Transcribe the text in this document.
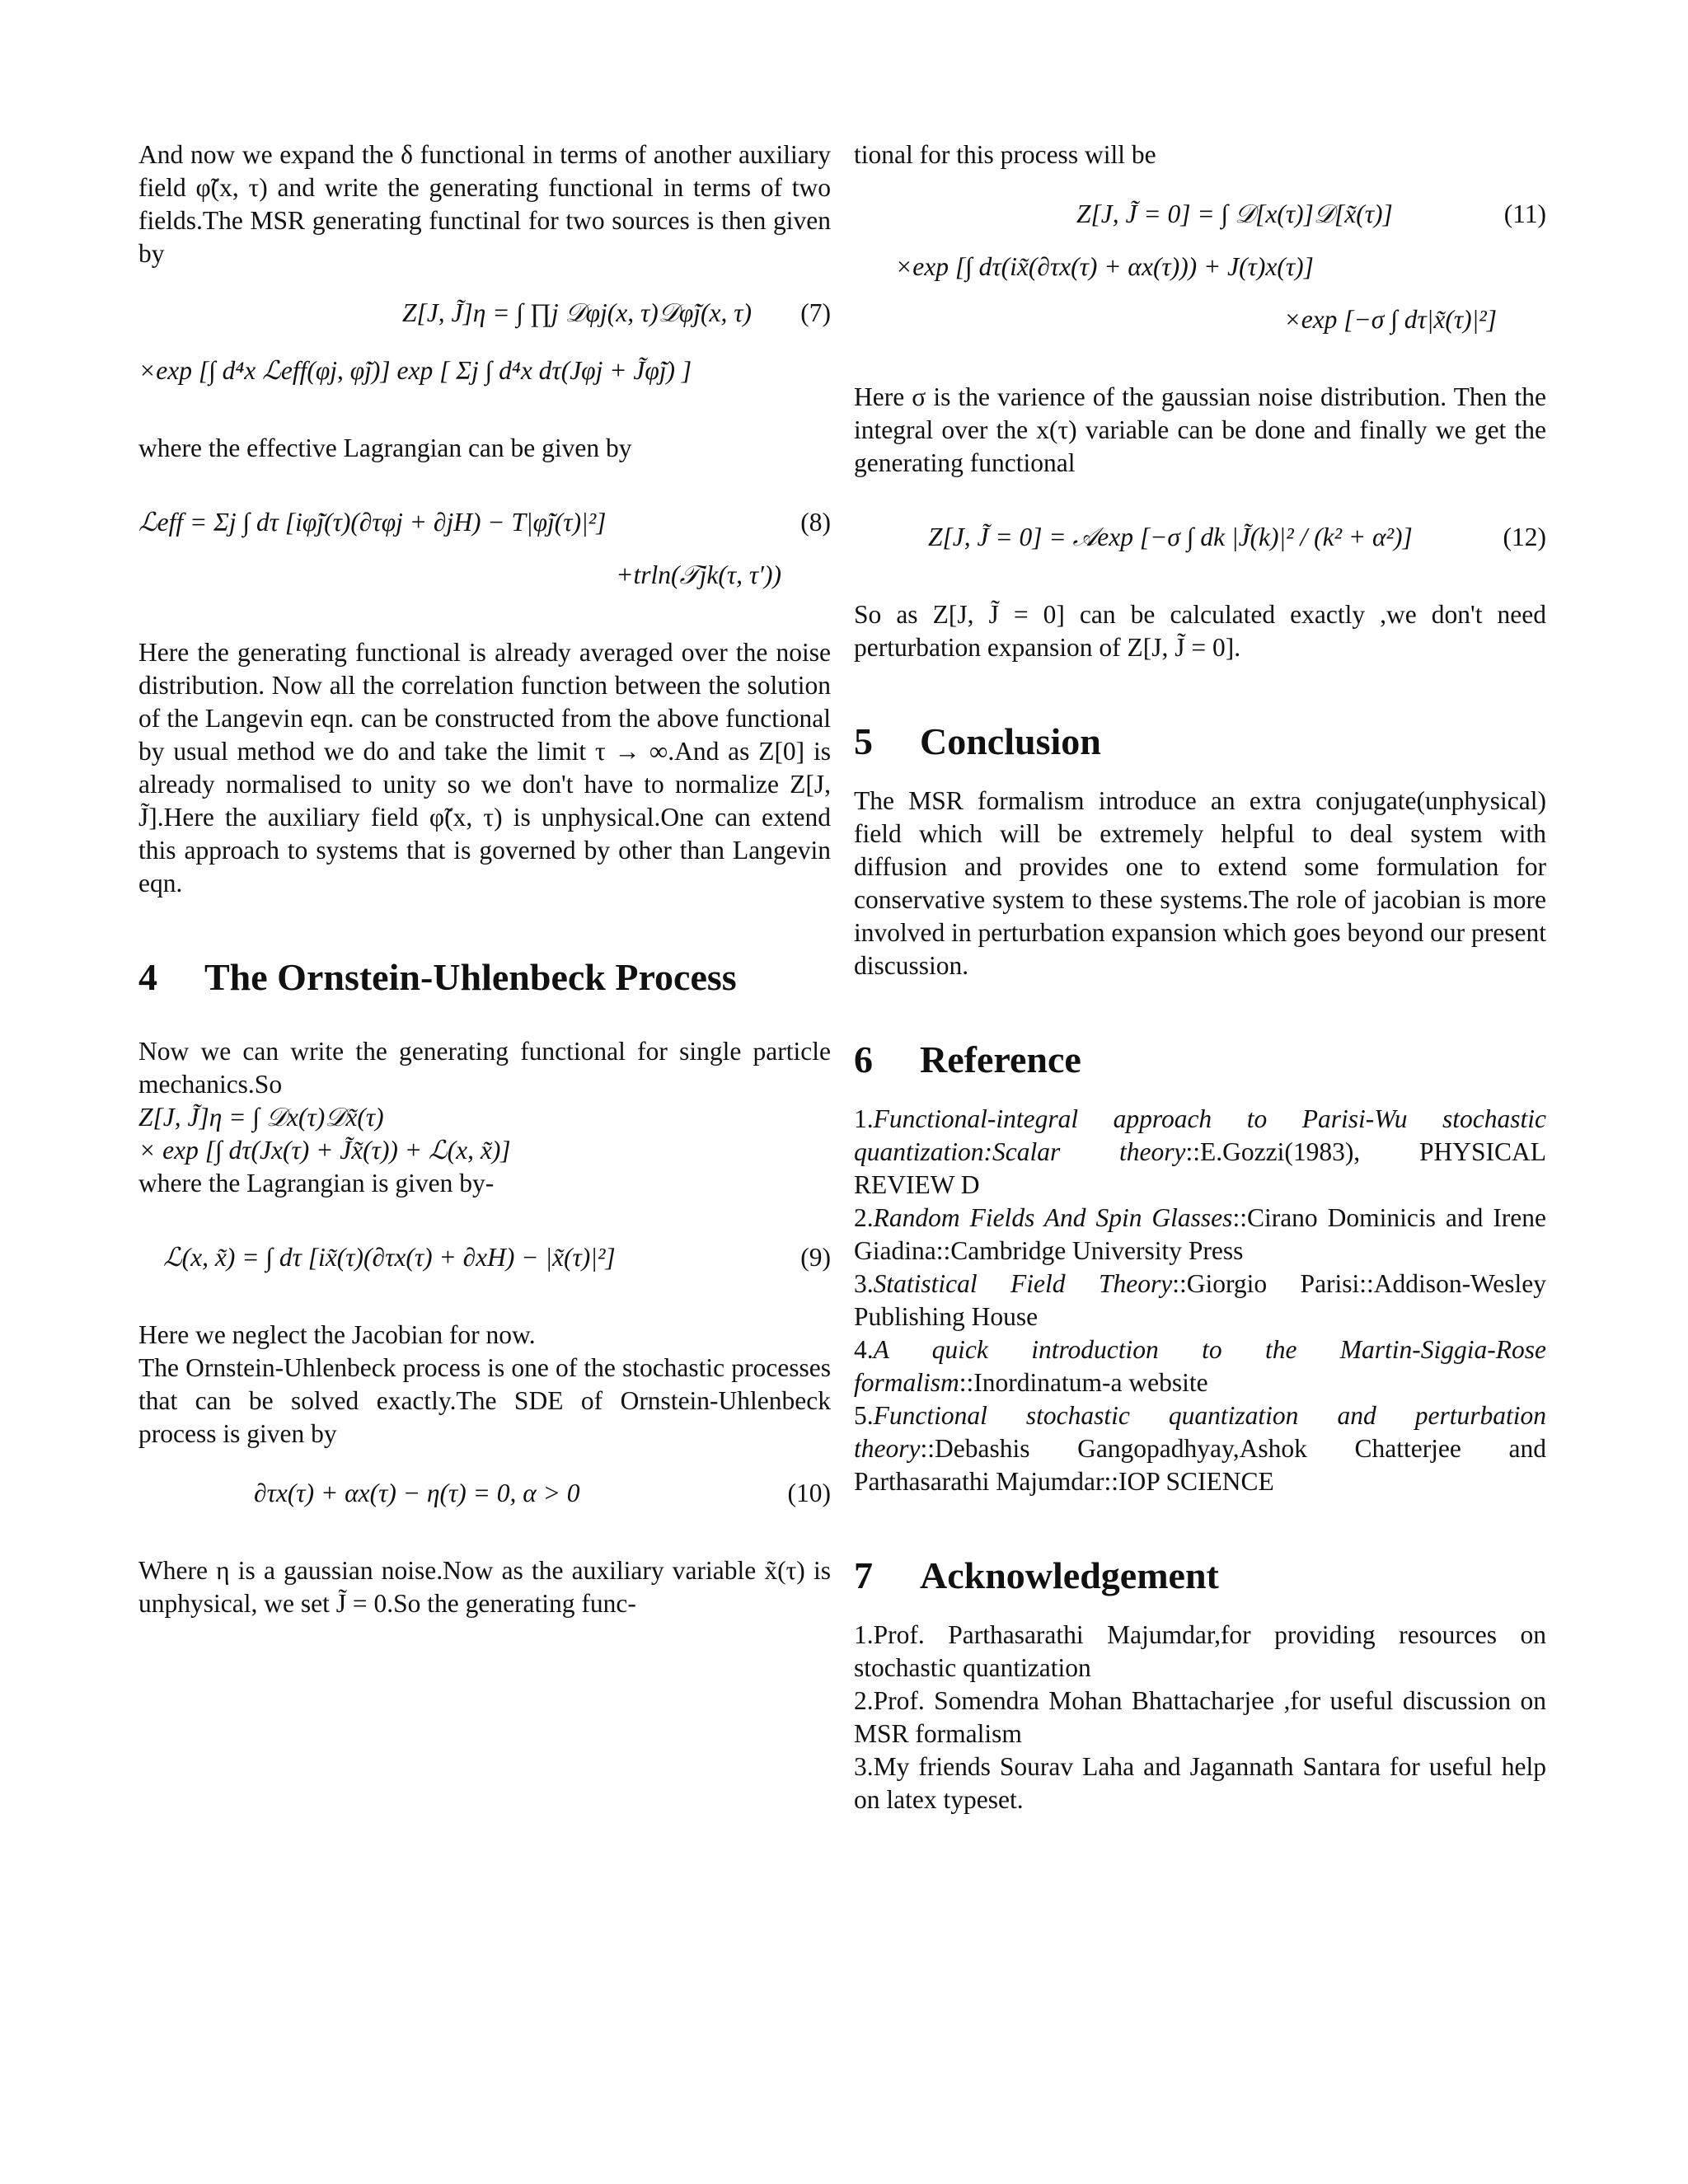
And now we expand the δ functional in terms of another auxiliary field φ̃(x, τ) and write the generating functional in terms of two fields.The MSR generating functinal for two sources is then given by

Z[J, J̃]η = ∫ ∏j 𝒟φj(x, τ)𝒟φ̃j(x, τ)	(7)
×exp [∫ d⁴x ℒeff(φj, φ̃j)] exp [ Σj ∫ d⁴x dτ(Jφj + J̃φ̃j) ]

where the effective Lagrangian can be given by

ℒeff = Σj ∫ dτ [iφ̃j(τ)(∂τφj + ∂jH) − T|φ̃j(τ)|²]	(8)
+trln(𝒯jk(τ, τ′))

Here the generating functional is already averaged over the noise distribution. Now all the correlation function between the solution of the Langevin eqn. can be constructed from the above functional by usual method we do and take the limit τ → ∞.And as Z[0] is already normalised to unity so we don't have to normalize Z[J, J̃].Here the auxiliary field φ̃(x, τ) is unphysical.One can extend this approach to systems that is governed by other than Langevin eqn.

4	The Ornstein-Uhlenbeck Process

Now we can write the generating functional for single particle mechanics.So

Z[J, J̃]η = ∫ 𝒟x(τ)𝒟x̃(τ)

× exp [∫ dτ(Jx(τ) + J̃x̃(τ)) + ℒ(x, x̃)]

where the Lagrangian is given by-

ℒ(x, x̃) = ∫ dτ [ix̃(τ)(∂τx(τ) + ∂xH) − |x̃(τ)|²]	(9)

Here we neglect the Jacobian for now.

The Ornstein-Uhlenbeck process is one of the stochastic processes that can be solved exactly.The SDE of Ornstein-Uhlenbeck process is given by

∂τx(τ) + αx(τ) − η(τ) = 0, α > 0	(10)

Where η is a gaussian noise.Now as the auxiliary variable x̃(τ) is unphysical, we set J̃ = 0.So the generating func-

tional for this process will be

Z[J, J̃ = 0] = ∫ 𝒟[x(τ)]𝒟[x̃(τ)]	(11)
×exp [∫ dτ(ix̃(∂τx(τ) + αx(τ))) + J(τ)x(τ)]
×exp [−σ ∫ dτ|x̃(τ)|²]

Here σ is the varience of the gaussian noise distribution. Then the integral over the x(τ) variable can be done and finally we get the generating functional

Z[J, J̃ = 0] = 𝒜exp [−σ ∫ dk |J̃(k)|² / (k² + α²)]	(12)

So as Z[J, J̃ = 0] can be calculated exactly ,we don't need perturbation expansion of Z[J, J̃ = 0].

5	Conclusion

The MSR formalism introduce an extra conjugate(unphysical) field which will be extremely helpful to deal system with diffusion and provides one to extend some formulation for conservative system to these systems.The role of jacobian is more involved in perturbation expansion which goes beyond our present discussion.

6	Reference

1.Functional-integral approach to Parisi-Wu stochastic quantization:Scalar theory::E.Gozzi(1983), PHYSICAL REVIEW D

2.Random Fields And Spin Glasses::Cirano Dominicis and Irene Giadina::Cambridge University Press

3.Statistical Field Theory::Giorgio Parisi::Addison-Wesley Publishing House

4.A quick introduction to the Martin-Siggia-Rose formalism::Inordinatum-a website

5.Functional stochastic quantization and perturbation theory::Debashis Gangopadhyay,Ashok Chatterjee and Parthasarathi Majumdar::IOP SCIENCE

7	Acknowledgement

1.Prof. Parthasarathi Majumdar,for providing resources on stochastic quantization

2.Prof. Somendra Mohan Bhattacharjee ,for useful discussion on MSR formalism

3.My friends Sourav Laha and Jagannath Santara for useful help on latex typeset.
